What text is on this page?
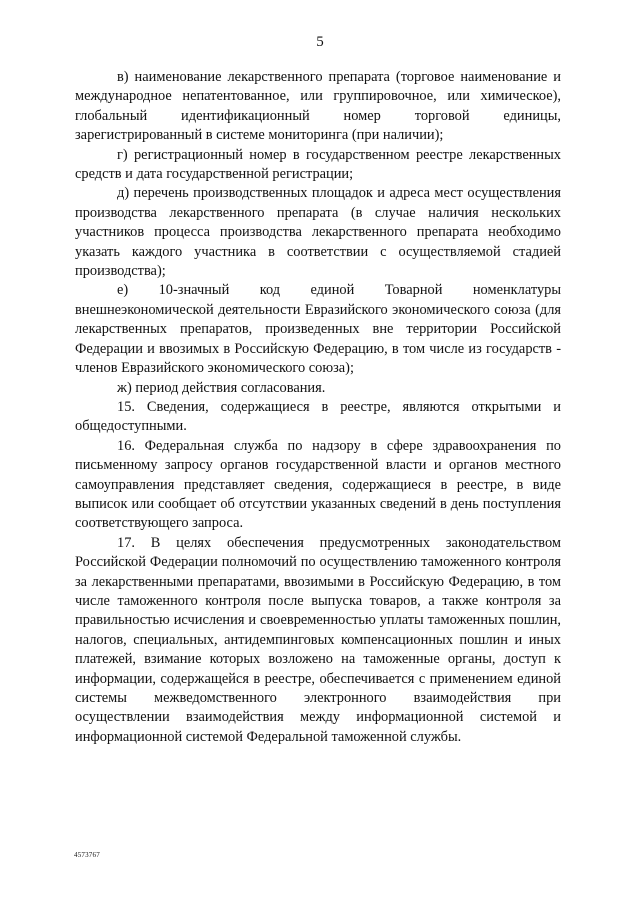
5

в) наименование лекарственного препарата (торговое наименование и международное непатентованное, или группировочное, или химическое), глобальный идентификационный номер торговой единицы, зарегистрированный в системе мониторинга (при наличии);

г) регистрационный номер в государственном реестре лекарственных средств и дата государственной регистрации;

д) перечень производственных площадок и адреса мест осуществления производства лекарственного препарата (в случае наличия нескольких участников процесса производства лекарственного препарата необходимо указать каждого участника в соответствии с осуществляемой стадией производства);

е) 10-значный код единой Товарной номенклатуры внешнеэкономической деятельности Евразийского экономического союза (для лекарственных препаратов, произведенных вне территории Российской Федерации и ввозимых в Российскую Федерацию, в том числе из государств - членов Евразийского экономического союза);

ж) период действия согласования.

15. Сведения, содержащиеся в реестре, являются открытыми и общедоступными.

16. Федеральная служба по надзору в сфере здравоохранения по письменному запросу органов государственной власти и органов местного самоуправления представляет сведения, содержащиеся в реестре, в виде выписок или сообщает об отсутствии указанных сведений в день поступления соответствующего запроса.

17. В целях обеспечения предусмотренных законодательством Российской Федерации полномочий по осуществлению таможенного контроля за лекарственными препаратами, ввозимыми в Российскую Федерацию, в том числе таможенного контроля после выпуска товаров, а также контроля за правильностью исчисления и своевременностью уплаты таможенных пошлин, налогов, специальных, антидемпинговых компенсационных пошлин и иных платежей, взимание которых возложено на таможенные органы, доступ к информации, содержащейся в реестре, обеспечивается с применением единой системы межведомственного электронного взаимодействия при осуществлении взаимодействия между информационной системой и информационной системой Федеральной таможенной службы.

4573767
